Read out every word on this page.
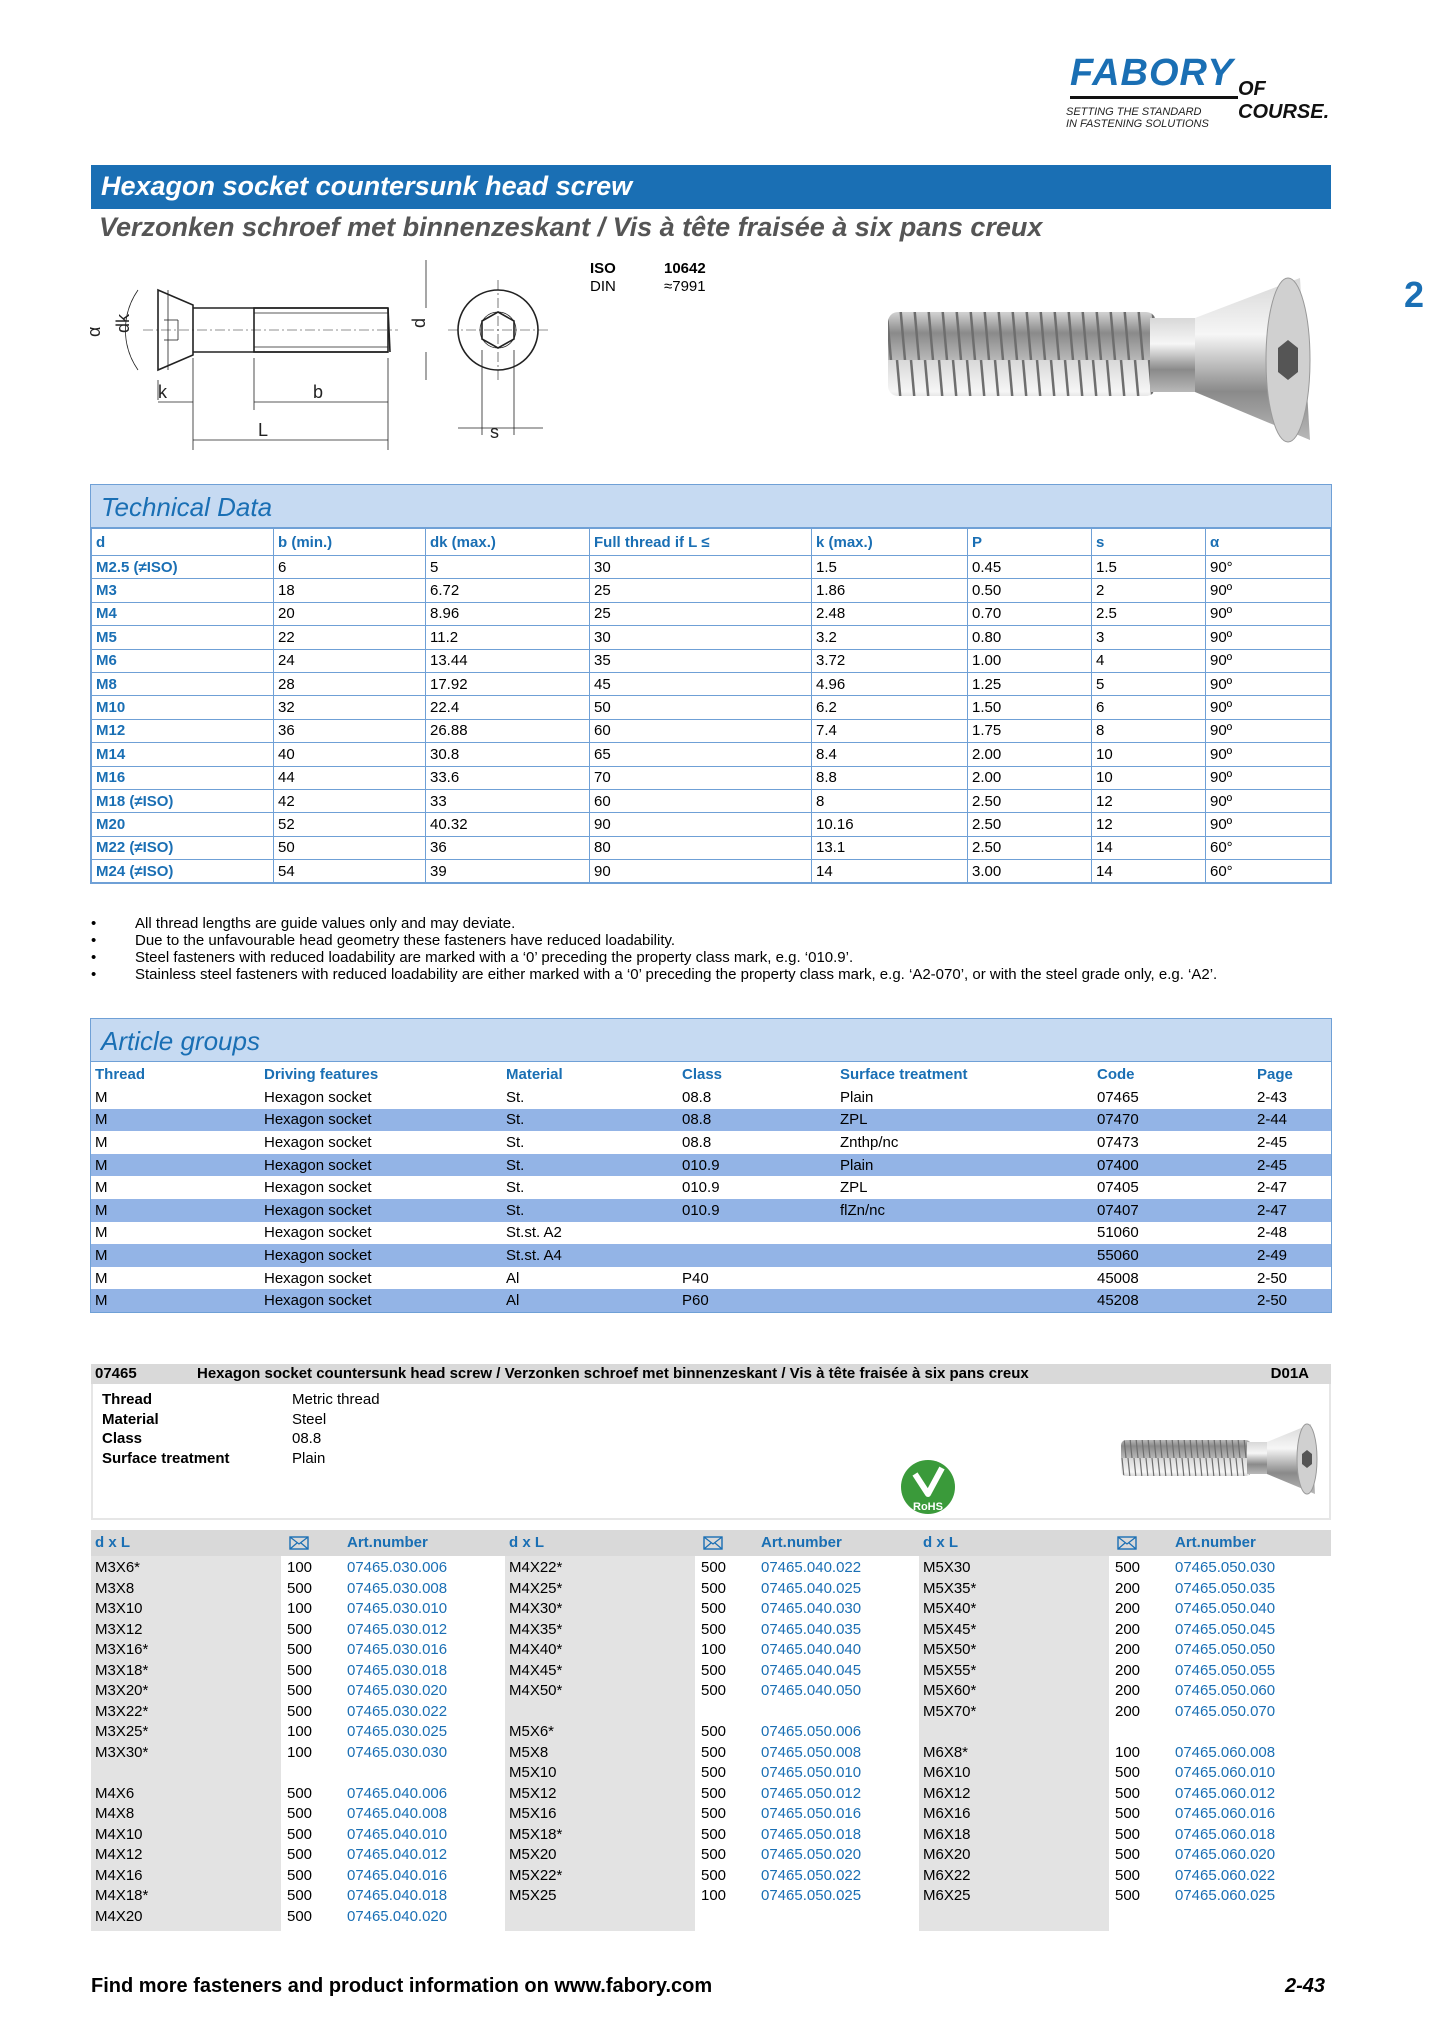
FABORY OF COURSE.
SETTING THE STANDARD
IN FASTENING SOLUTIONS
Hexagon socket countersunk head screw
Verzonken schroef met binnenzeskant / Vis à tête fraisée à six pans creux
2
α dk	d
k	b
L	s
ISO	10642
DIN	≈7991
Technical Data
d	b (min.)	dk (max.)	Full thread if L ≤	k (max.)	P	s	α
M2.5 (≠ISO)	6	5	30	1.5	0.45	1.5	90°
M3	18	6.72	25	1.86	0.50	2	90º
M4	20	8.96	25	2.48	0.70	2.5	90º
M5	22	11.2	30	3.2	0.80	3	90º
M6	24	13.44	35	3.72	1.00	4	90º
M8	28	17.92	45	4.96	1.25	5	90º
M10	32	22.4	50	6.2	1.50	6	90º
M12	36	26.88	60	7.4	1.75	8	90º
M14	40	30.8	65	8.4	2.00	10	90º
M16	44	33.6	70	8.8	2.00	10	90º
M18 (≠ISO)	42	33	60	8	2.50	12	90º
M20	52	40.32	90	10.16	2.50	12	90º
M22 (≠ISO)	50	36	80	13.1	2.50	14	60°
M24 (≠ISO)	54	39	90	14	3.00	14	60°
• All thread lengths are guide values only and may deviate.
• Due to the unfavourable head geometry these fasteners have reduced loadability.
• Steel fasteners with reduced loadability are marked with a ‘0’ preceding the property class mark, e.g. ‘010.9’.
• Stainless steel fasteners with reduced loadability are either marked with a ‘0’ preceding the property class mark, e.g. ‘A2-070’, or with the steel grade only, e.g. ‘A2’.
Article groups
Thread	Driving features	Material	Class	Surface treatment	Code	Page
M	Hexagon socket	St.	08.8	Plain	07465	2-43
M	Hexagon socket	St.	08.8	ZPL	07470	2-44
M	Hexagon socket	St.	08.8	Znthp/nc	07473	2-45
M	Hexagon socket	St.	010.9	Plain	07400	2-45
M	Hexagon socket	St.	010.9	ZPL	07405	2-47
M	Hexagon socket	St.	010.9	flZn/nc	07407	2-47
M	Hexagon socket	St.st. A2			51060	2-48
M	Hexagon socket	St.st. A4			55060	2-49
M	Hexagon socket	Al	P40		45008	2-50
M	Hexagon socket	Al	P60		45208	2-50
07465	Hexagon socket countersunk head screw / Verzonken schroef met binnenzeskant / Vis à tête fraisée à six pans creux	D01A
Thread	Metric thread
Material	Steel
Class	08.8
Surface treatment	Plain
RoHS
d x L	Art.number	d x L	Art.number	d x L	Art.number
M3X6*	100 07465.030.006
M3X8	500 07465.030.008
M3X10	100 07465.030.010
M3X12	500 07465.030.012
M3X16*	500 07465.030.016
M3X18*	500 07465.030.018
M3X20*	500 07465.030.020
M3X22*	500 07465.030.022
M3X25*	100 07465.030.025
M3X30*	100 07465.030.030
M4X6	500 07465.040.006
M4X8	500 07465.040.008
M4X10	500 07465.040.010
M4X12	500 07465.040.012
M4X16	500 07465.040.016
M4X18*	500 07465.040.018
M4X20	500 07465.040.020
M4X22*	500 07465.040.022
M4X25*	500 07465.040.025
M4X30*	500 07465.040.030
M4X35*	500 07465.040.035
M4X40*	100 07465.040.040
M4X45*	500 07465.040.045
M4X50*	500 07465.040.050
M5X6*	500 07465.050.006
M5X8	500 07465.050.008
M5X10	500 07465.050.010
M5X12	500 07465.050.012
M5X16	500 07465.050.016
M5X18*	500 07465.050.018
M5X20	500 07465.050.020
M5X22*	500 07465.050.022
M5X25	100 07465.050.025
M5X30	500 07465.050.030
M5X35*	200 07465.050.035
M5X40*	200 07465.050.040
M5X45*	200 07465.050.045
M5X50*	200 07465.050.050
M5X55*	200 07465.050.055
M5X60*	200 07465.050.060
M5X70*	200 07465.050.070
M6X8*	100 07465.060.008
M6X10	500 07465.060.010
M6X12	500 07465.060.012
M6X16	500 07465.060.016
M6X18	500 07465.060.018
M6X20	500 07465.060.020
M6X22	500 07465.060.022
M6X25	500 07465.060.025
Find more fasteners and product information on www.fabory.com	2-43
